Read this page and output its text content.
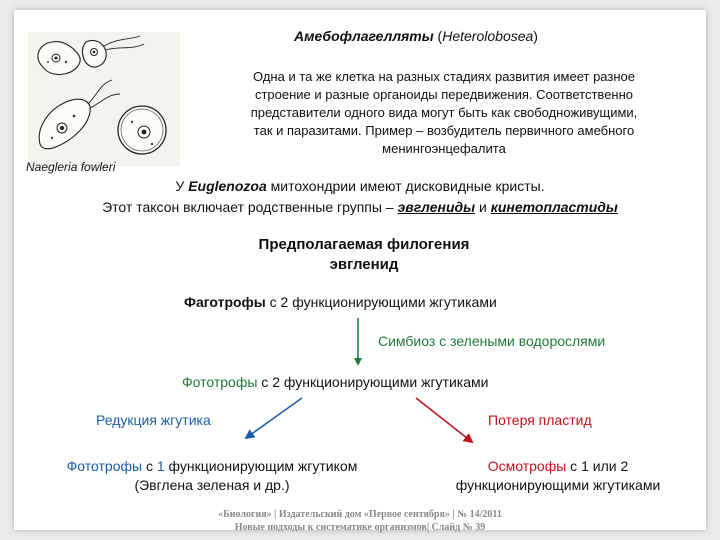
Naegleria fowleri
Амебофлагелляты (Heterolobosea)
Одна и та же клетка на разных стадиях развития имеет разное
строение и разные органоиды передвижения. Соответственно
представители одного вида могут быть как свободноживущими,
так и паразитами. Пример – возбудитель первичного амебного
менингоэнцефалита
У Euglenozoa митохондрии имеют дисковидные кристы.
Этот таксон включает родственные группы – эвглениды и кинетопластиды
Предполагаемая филогения
эвгленид
Фаготрофы с 2 функционирующими жгутиками
Симбиоз с зелеными водорослями
Фототрофы с 2 функционирующими жгутиками
Редукция жгутика	Потеря пластид
Фототрофы с 1 функционирующим жгутиком
(Эвглена зеленая и др.)
Осмотрофы с 1 или 2
функционирующими жгутиками
«Биология» | Издательский дом «Первое сентября» | № 14/2011
Новые подходы к систематике организмов| Слайд № 39
